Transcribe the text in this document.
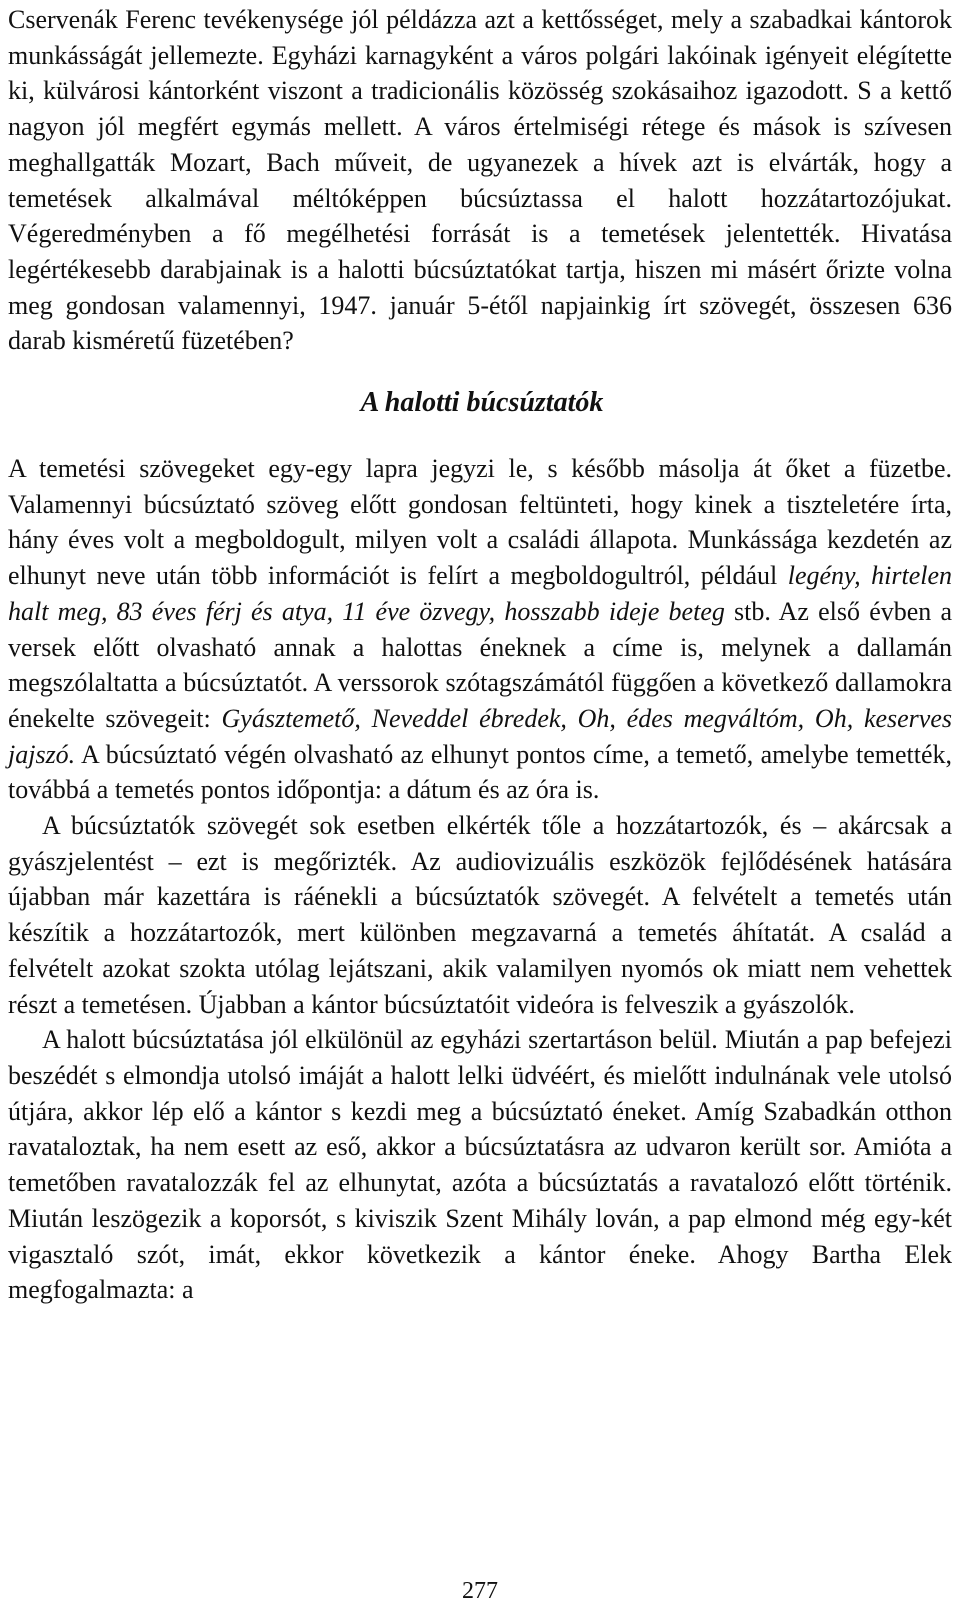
Cservenák Ferenc tevékenysége jól példázza azt a kettősséget, mely a szabadkai kántorok munkásságát jellemezte. Egyházi karnagyként a város polgári lakóinak igényeit elégítette ki, külvárosi kántorként viszont a tradicionális közösség szokásaihoz igazodott. S a kettő nagyon jól megfért egymás mellett. A város értelmiségi rétege és mások is szívesen meghallgatták Mozart, Bach műveit, de ugyanezek a hívek azt is elvárták, hogy a temetések alkalmával méltóképpen búcsúztassa el halott hozzátartozójukat. Végeredményben a fő megélhetési forrását is a temetések jelentették. Hivatása legértékesebb darabjainak is a halotti búcsúztatókat tartja, hiszen mi másért őrizte volna meg gondosan valamennyi, 1947. január 5-étől napjainkig írt szövegét, összesen 636 darab kisméretű füzetében?

A halotti búcsúztatók

A temetési szövegeket egy-egy lapra jegyzi le, s később másolja át őket a füzetbe. Valamennyi búcsúztató szöveg előtt gondosan feltünteti, hogy kinek a tiszteletére írta, hány éves volt a megboldogult, milyen volt a családi állapota. Munkássága kezdetén az elhunyt neve után több információt is felírt a megboldogultról, például legény, hirtelen halt meg, 83 éves férj és atya, 11 éve özvegy, hosszabb ideje beteg stb. Az első évben a versek előtt olvasható annak a halottas éneknek a címe is, melynek a dallamán megszólaltatta a búcsúztatót. A verssorok szótagszámától függően a következő dallamokra énekelte szövegeit: Gyásztemető, Neveddel ébredek, Oh, édes megváltóm, Oh, keserves jajszó. A búcsúztató végén olvasható az elhunyt pontos címe, a temető, amelybe temették, továbbá a temetés pontos időpontja: a dátum és az óra is.

A búcsúztatók szövegét sok esetben elkérték tőle a hozzátartozók, és – akárcsak a gyászjelentést – ezt is megőrizték. Az audiovizuális eszközök fejlődésének hatására újabban már kazettára is ráénekli a búcsúztatók szövegét. A felvételt a temetés után készítik a hozzátartozók, mert különben megzavarná a temetés áhítatát. A család a felvételt azokat szokta utólag lejátszani, akik valamilyen nyomós ok miatt nem vehettek részt a temetésen. Újabban a kántor búcsúztatóit videóra is felveszik a gyászolók.

A halott búcsúztatása jól elkülönül az egyházi szertartáson belül. Miután a pap befejezi beszédét s elmondja utolsó imáját a halott lelki üdvéért, és mielőtt indulnának vele utolsó útjára, akkor lép elő a kántor s kezdi meg a búcsúztató éneket. Amíg Szabadkán otthon ravataloztak, ha nem esett az eső, akkor a búcsúztatásra az udvaron került sor. Amióta a temetőben ravatalozzák fel az elhunytat, azóta a búcsúztatás a ravatalozó előtt történik. Miután leszögezik a koporsót, s kiviszik Szent Mihály lován, a pap elmond még egy-két vigasztaló szót, imát, ekkor következik a kántor éneke. Ahogy Bartha Elek megfogalmazta: a

277
